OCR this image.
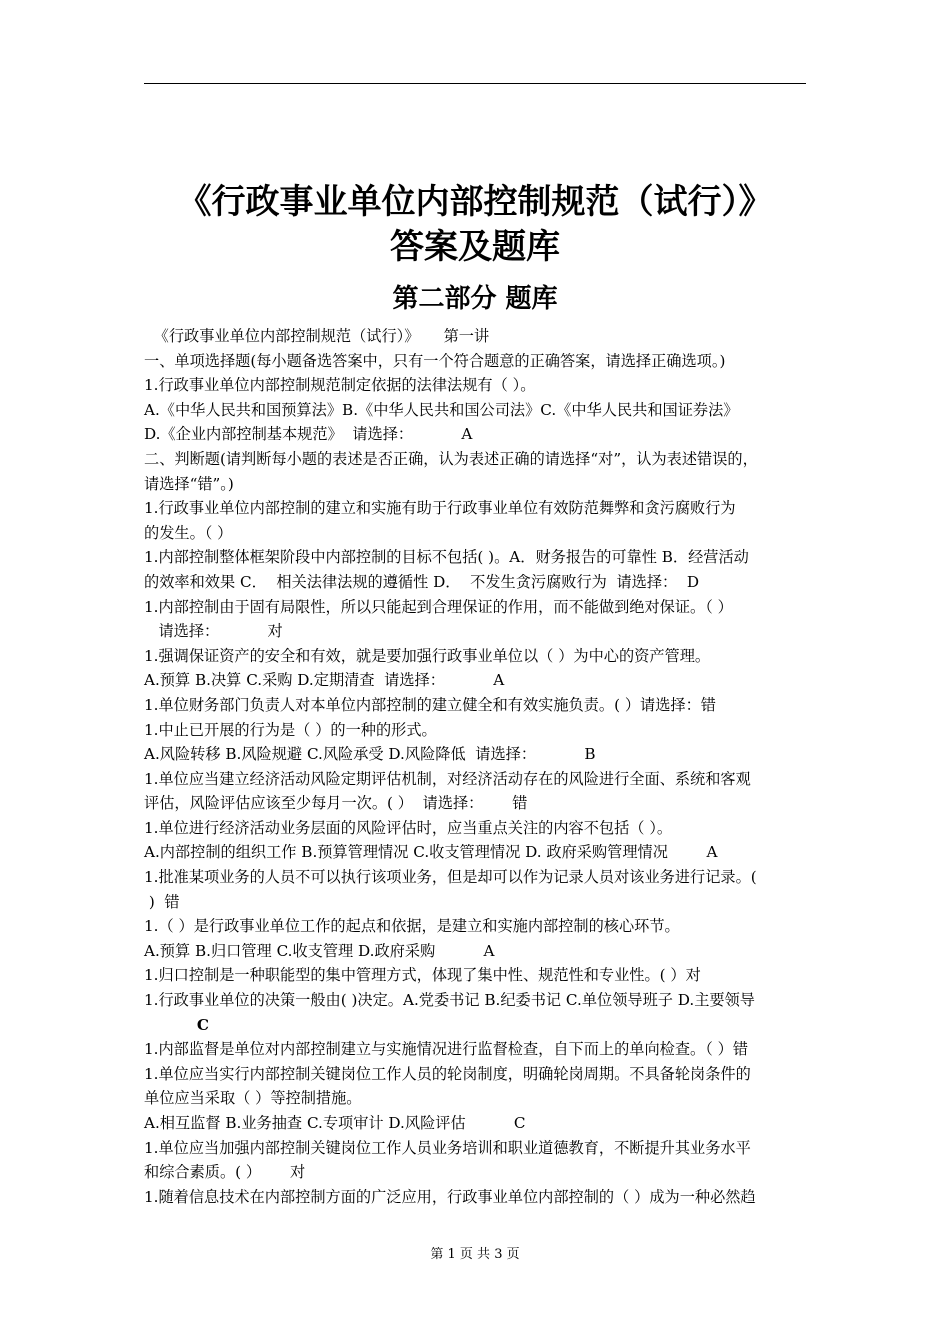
《行政事业单位内部控制规范（试行）》
答案及题库
第二部分 题库
《行政事业单位内部控制规范（试行）》     第一讲
一、单项选择题(每小题备选答案中，只有一个符合题意的正确答案，请选择正确选项。)
1.行政事业单位内部控制规范制定依据的法律法规有（ ）。
A.《中华人民共和国预算法》B.《中华人民共和国公司法》C.《中华人民共和国证券法》
D.《企业内部控制基本规范》  请选择：          A
二、判断题(请判断每小题的表述是否正确，认为表述正确的请选择“对”，认为表述错误的，
请选择“错”。)
1.行政事业单位内部控制的建立和实施有助于行政事业单位有效防范舞弊和贪污腐败行为
的发生。（ ）
1.内部控制整体框架阶段中内部控制的目标不包括( )。A．财务报告的可靠性 B．经营活动
的效率和效果 C．  相关法律法规的遵循性 D．  不发生贪污腐败行为  请选择：  D
1.内部控制由于固有局限性，所以只能起到合理保证的作用，而不能做到绝对保证。（ ）
请选择：          对
1.强调保证资产的安全和有效，就是要加强行政事业单位以（ ）为中心的资产管理。
A.预算 B.决算 C.采购 D.定期清查  请选择：          A
1.单位财务部门负责人对本单位内部控制的建立健全和有效实施负责。( ）请选择：错
1.中止已开展的行为是（ ）的一种的形式。
A.风险转移 B.风险规避 C.风险承受 D.风险降低  请选择：          B
1.单位应当建立经济活动风险定期评估机制，对经济活动存在的风险进行全面、系统和客观
评估，风险评估应该至少每月一次。( ）  请选择：      错
1.单位进行经济活动业务层面的风险评估时，应当重点关注的内容不包括（ ）。
A.内部控制的组织工作 B.预算管理情况 C.收支管理情况 D. 政府采购管理情况        A
1.批准某项业务的人员不可以执行该项业务，但是却可以作为记录人员对该业务进行记录。(
)  错
1.（ ）是行政事业单位工作的起点和依据，是建立和实施内部控制的核心环节。
A.预算 B.归口管理 C.收支管理 D.政府采购          A
1.归口控制是一种职能型的集中管理方式，体现了集中性、规范性和专业性。( ）对
1.行政事业单位的决策一般由( )决定。A.党委书记 B.纪委书记 C.单位领导班子 D.主要领导
C
1.内部监督是单位对内部控制建立与实施情况进行监督检查，自下而上的单向检查。（ ）错
1.单位应当实行内部控制关键岗位工作人员的轮岗制度，明确轮岗周期。不具备轮岗条件的
单位应当采取（ ）等控制措施。
A.相互监督 B.业务抽查 C.专项审计 D.风险评估          C
1.单位应当加强内部控制关键岗位工作人员业务培训和职业道德教育，不断提升其业务水平
和综合素质。( ）      对
1.随着信息技术在内部控制方面的广泛应用，行政事业单位内部控制的（ ）成为一种必然趋
第 1 页 共 3 页
